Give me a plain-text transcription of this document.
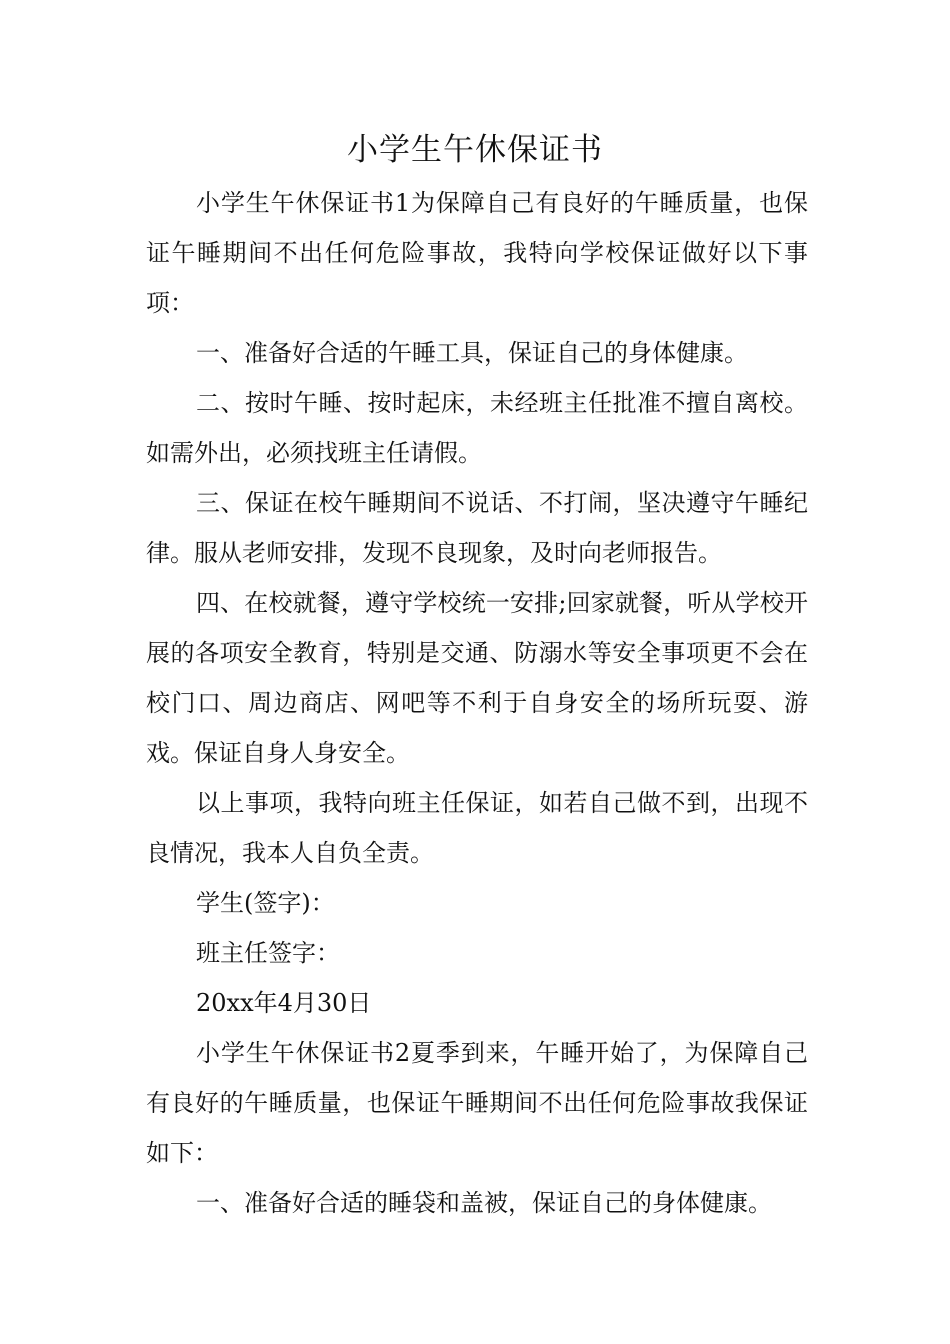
小学生午休保证书

小学生午休保证书1为保障自己有良好的午睡质量，也保证午睡期间不出任何危险事故，我特向学校保证做好以下事项：

一、准备好合适的午睡工具，保证自己的身体健康。

二、按时午睡、按时起床，未经班主任批准不擅自离校。如需外出，必须找班主任请假。

三、保证在校午睡期间不说话、不打闹，坚决遵守午睡纪律。服从老师安排，发现不良现象，及时向老师报告。

四、在校就餐，遵守学校统一安排;回家就餐，听从学校开展的各项安全教育，特别是交通、防溺水等安全事项更不会在校门口、周边商店、网吧等不利于自身安全的场所玩耍、游戏。保证自身人身安全。

以上事项，我特向班主任保证，如若自己做不到，出现不良情况，我本人自负全责。

学生(签字)：

班主任签字：

20xx年4月30日

小学生午休保证书2夏季到来，午睡开始了，为保障自己有良好的午睡质量，也保证午睡期间不出任何危险事故我保证如下：

一、准备好合适的睡袋和盖被，保证自己的身体健康。
